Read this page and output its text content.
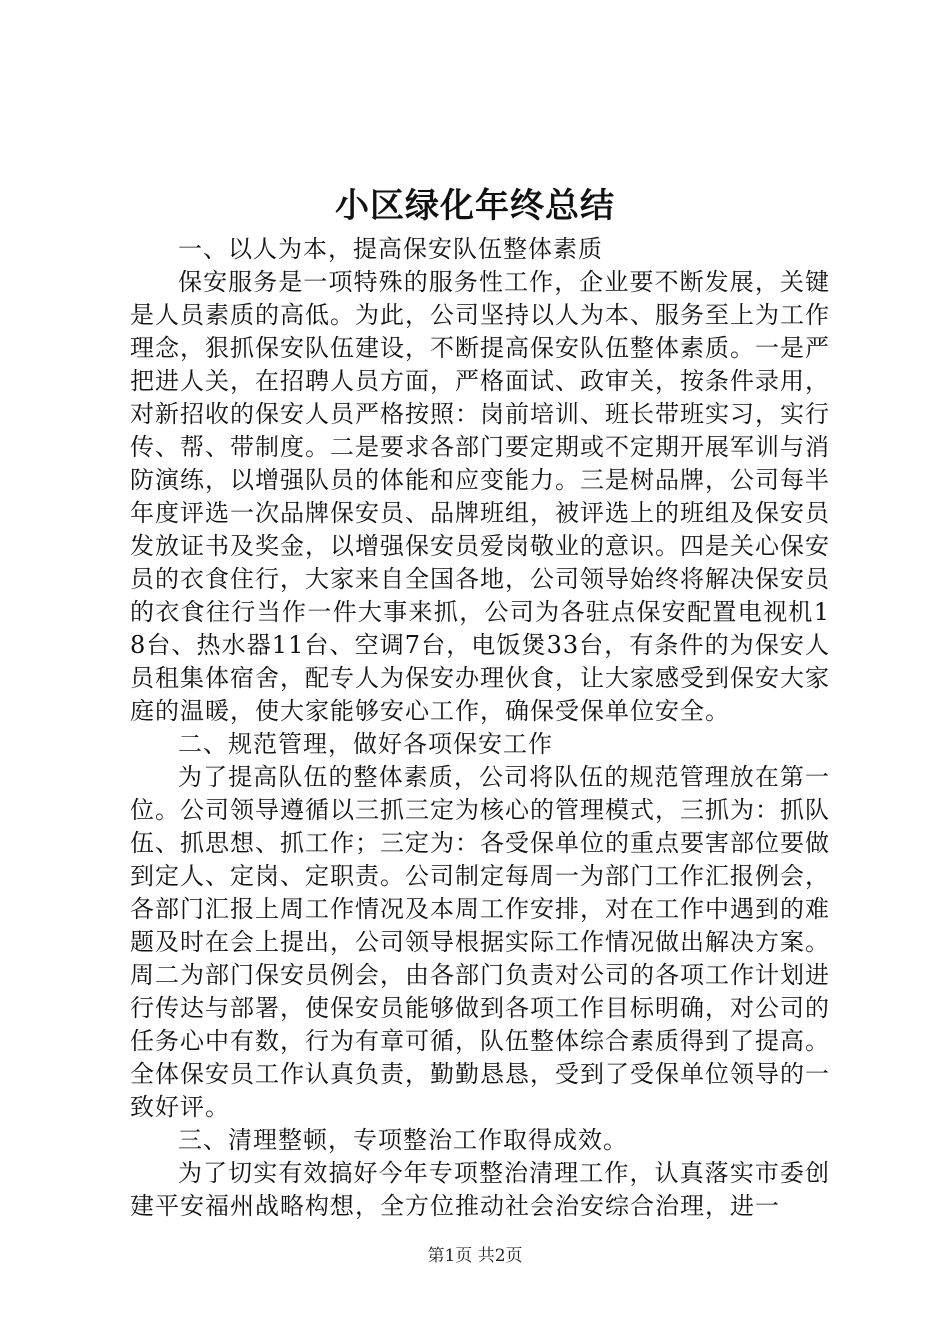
小区绿化年终总结

一、以人为本，提高保安队伍整体素质

保安服务是一项特殊的服务性工作，企业要不断发展，关键是人员素质的高低。为此，公司坚持以人为本、服务至上为工作理念，狠抓保安队伍建设，不断提高保安队伍整体素质。一是严把进人关，在招聘人员方面，严格面试、政审关，按条件录用，对新招收的保安人员严格按照：岗前培训、班长带班实习，实行传、帮、带制度。二是要求各部门要定期或不定期开展军训与消防演练，以增强队员的体能和应变能力。三是树品牌，公司每半年度评选一次品牌保安员、品牌班组，被评选上的班组及保安员发放证书及奖金，以增强保安员爱岗敬业的意识。四是关心保安员的衣食住行，大家来自全国各地，公司领导始终将解决保安员的衣食往行当作一件大事来抓，公司为各驻点保安配置电视机18台、热水器11台、空调7台，电饭煲33台，有条件的为保安人员租集体宿舍，配专人为保安办理伙食，让大家感受到保安大家庭的温暖，使大家能够安心工作，确保受保单位安全。

二、规范管理，做好各项保安工作

为了提高队伍的整体素质，公司将队伍的规范管理放在第一位。公司领导遵循以三抓三定为核心的管理模式，三抓为：抓队伍、抓思想、抓工作；三定为：各受保单位的重点要害部位要做到定人、定岗、定职责。公司制定每周一为部门工作汇报例会，各部门汇报上周工作情况及本周工作安排，对在工作中遇到的难题及时在会上提出，公司领导根据实际工作情况做出解决方案。周二为部门保安员例会，由各部门负责对公司的各项工作计划进行传达与部署，使保安员能够做到各项工作目标明确，对公司的任务心中有数，行为有章可循，队伍整体综合素质得到了提高。全体保安员工作认真负责，勤勤恳恳，受到了受保单位领导的一致好评。

三、清理整顿，专项整治工作取得成效。

为了切实有效搞好今年专项整治清理工作，认真落实市委创建平安福州战略构想，全方位推动社会治安综合治理，进一

第1页 共2页
